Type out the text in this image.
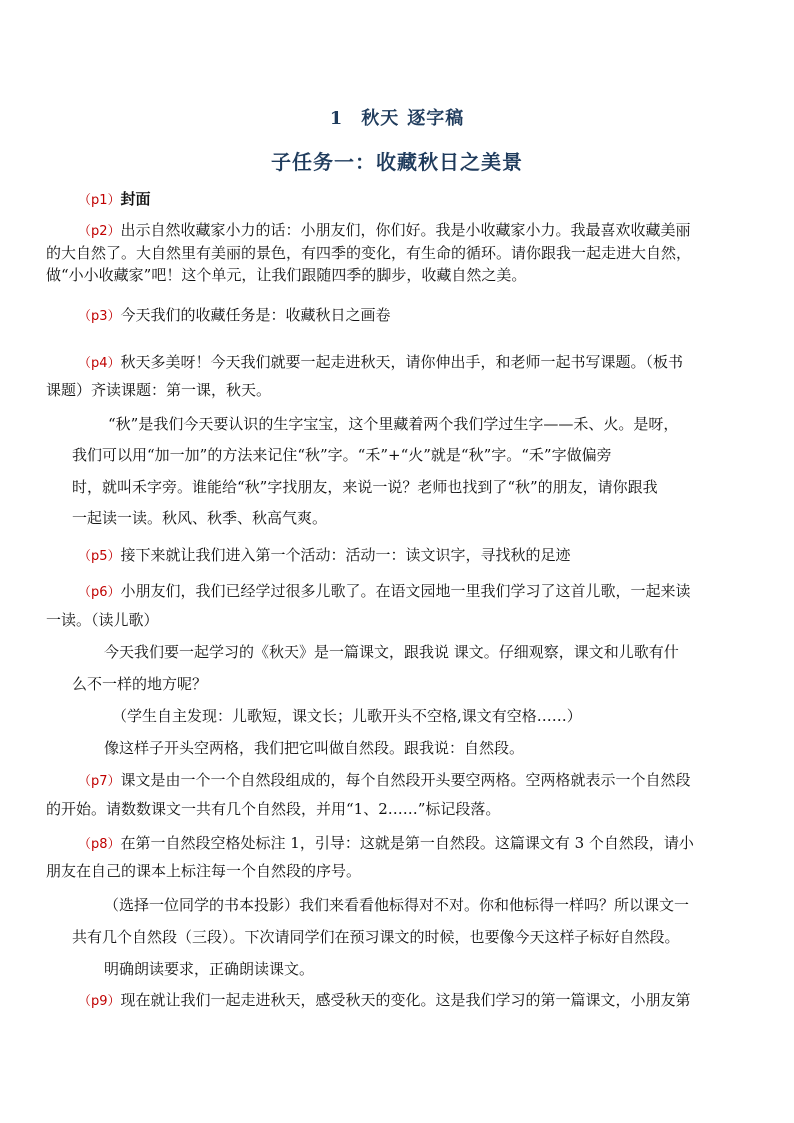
1 秋天 逐字稿
子任务一：收藏秋日之美景
（p1）封面
（p2）出示自然收藏家小力的话：小朋友们，你们好。我是小收藏家小力。我最喜欢收藏美丽
的大自然了。大自然里有美丽的景色，有四季的变化，有生命的循环。请你跟我一起走进大自然，
做“小小收藏家”吧！这个单元，让我们跟随四季的脚步，收藏自然之美。
（p3）今天我们的收藏任务是：收藏秋日之画卷
（p4）秋天多美呀！今天我们就要一起走进秋天，请你伸出手，和老师一起书写课题。（板书
课题）齐读课题：第一课，秋天。
“秋”是我们今天要认识的生字宝宝，这个里藏着两个我们学过生字——禾、火。是呀，
我们可以用“加一加”的方法来记住“秋”字。“禾”+“火”就是“秋”字。“禾”字做偏旁
时，就叫禾字旁。谁能给“秋”字找朋友，来说一说？老师也找到了“秋”的朋友，请你跟我
一起读一读。秋风、秋季、秋高气爽。
（p5）接下来就让我们进入第一个活动：活动一：读文识字，寻找秋的足迹
（p6）小朋友们，我们已经学过很多儿歌了。在语文园地一里我们学习了这首儿歌，一起来读
一读。（读儿歌）
今天我们要一起学习的《秋天》是一篇课文，跟我说 课文。仔细观察，课文和儿歌有什
么不一样的地方呢？
（学生自主发现：儿歌短，课文长；儿歌开头不空格,课文有空格……）
像这样子开头空两格，我们把它叫做自然段。跟我说：自然段。
（p7）课文是由一个一个自然段组成的，每个自然段开头要空两格。空两格就表示一个自然段
的开始。请数数课文一共有几个自然段，并用“1、2……”标记段落。
（p8）在第一自然段空格处标注 1，引导：这就是第一自然段。这篇课文有 3 个自然段，请小
朋友在自己的课本上标注每一个自然段的序号。
（选择一位同学的书本投影）我们来看看他标得对不对。你和他标得一样吗？所以课文一
共有几个自然段（三段）。下次请同学们在预习课文的时候，也要像今天这样子标好自然段。
明确朗读要求，正确朗读课文。
（p9）现在就让我们一起走进秋天，感受秋天的变化。这是我们学习的第一篇课文，小朋友第
